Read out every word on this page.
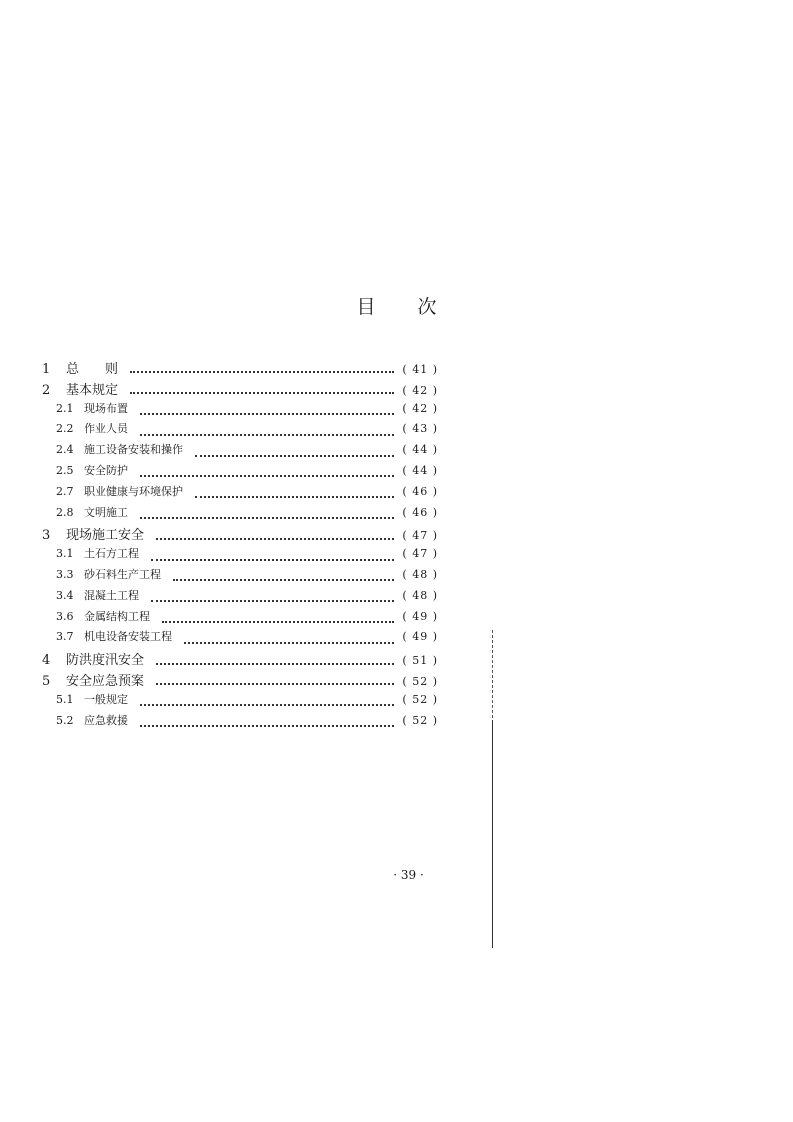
目 次
1	总　　则	( 41 )
2	基本规定	( 42 )
2.1 现场布置	( 42 )
2.2 作业人员	( 43 )
2.4 施工设备安装和操作	( 44 )
2.5 安全防护	( 44 )
2.7 职业健康与环境保护	( 46 )
2.8 文明施工	( 46 )
3	现场施工安全	( 47 )
3.1 土石方工程	( 47 )
3.3 砂石料生产工程	( 48 )
3.4 混凝土工程	( 48 )
3.6 金属结构工程	( 49 )
3.7 机电设备安装工程	( 49 )
4	防洪度汛安全	( 51 )
5	安全应急预案	( 52 )
5.1 一般规定	( 52 )
5.2 应急救援	( 52 )
· 39 ·
